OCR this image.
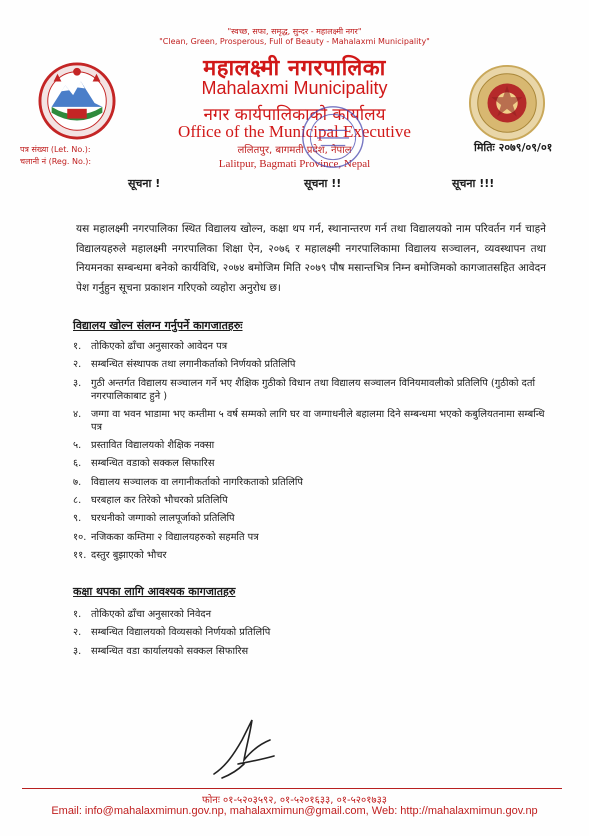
"स्वच्छ, सफा, समृद्ध, सुन्दर - महालक्ष्मी नगर"
"Clean, Green, Prosperous, Full of Beauty - Mahalaxmi Municipality"
महालक्ष्मी नगरपालिका
Mahalaxmi Municipality
नगर कार्यपालिकाको कार्यालय
Office of the Municipal Executive
ललितपुर, बागमती प्रदेश, नेपाल
Lalitpur, Bagmati Province, Nepal
पत्र संख्या (Let. No.):
चलानी नं (Reg. No.):
मितिः २०७९/०९/०१
सूचना !	सूचना !!	सूचना !!!
यस महालक्ष्मी नगरपालिका स्थित विद्यालय खोल्न, कक्षा थप गर्न, स्थानान्तरण गर्न तथा विद्यालयको नाम परिवर्तन गर्न चाहने विद्यालयहरुले महालक्ष्मी नगरपालिका शिक्षा ऐन, २०७६ र महालक्ष्मी नगरपालिकामा विद्यालय सञ्चालन, व्यवस्थापन तथा नियमनका सम्बन्धमा बनेको कार्यविधि, २०७४ बमोजिम मिति २०७९ पौष मसान्तभित्र निम्न बमोजिमको कागजातसहित आवेदन पेश गर्नुहुन सूचना प्रकाशन गरिएको व्यहोरा अनुरोध छ।
विद्यालय खोल्न संलग्न गर्नुपर्ने कागजातहरुः
१. तोकिएको ढाँचा अनुसारको आवेदन पत्र
२. सम्बन्धित संस्थापक तथा लगानीकर्ताको निर्णयको प्रतिलिपि
३. गुठी अन्तर्गत विद्यालय सञ्चालन गर्ने भए शैक्षिक गुठीको विधान तथा विद्यालय सञ्चालन विनियमावलीको प्रतिलिपि (गुठीको दर्ता नगरपालिकाबाट हुने )
४. जग्गा वा भवन भाडामा भए कम्तीमा ५ वर्ष सम्मको लागि घर वा जग्गाधनीले बहालमा दिने सम्बन्धमा भएको कबुलियतनामा सम्बन्धि पत्र
५. प्रस्तावित विद्यालयको शैक्षिक नक्सा
६. सम्बन्धित वडाको सक्कल सिफारिस
७. विद्यालय सञ्चालक वा लगानीकर्ताको नागरिकताको प्रतिलिपि
८. घरबहाल कर तिरेको भौचरको प्रतिलिपि
९. घरधनीको जग्गाको लालपूर्जाको प्रतिलिपि
१०. नजिकका कम्तिमा २ विद्यालयहरुको सहमति पत्र
११. दस्तुर बुझाएको भौचर
कक्षा थपका लागि आवश्यक कागजातहरु
१. तोकिएको ढाँचा अनुसारको निवेदन
२. सम्बन्धित विद्यालयको विव्यसको निर्णयको प्रतिलिपि
३. सम्बन्धित वडा कार्यालयको सक्कल सिफारिस
फोनः ०१-५२०३५९२, ०१-५२०१६३३, ०१-५२०१७३३
Email: info@mahalaxmimun.gov.np, mahalaxmimun@gmail.com, Web: http://mahalaxmimun.gov.np
